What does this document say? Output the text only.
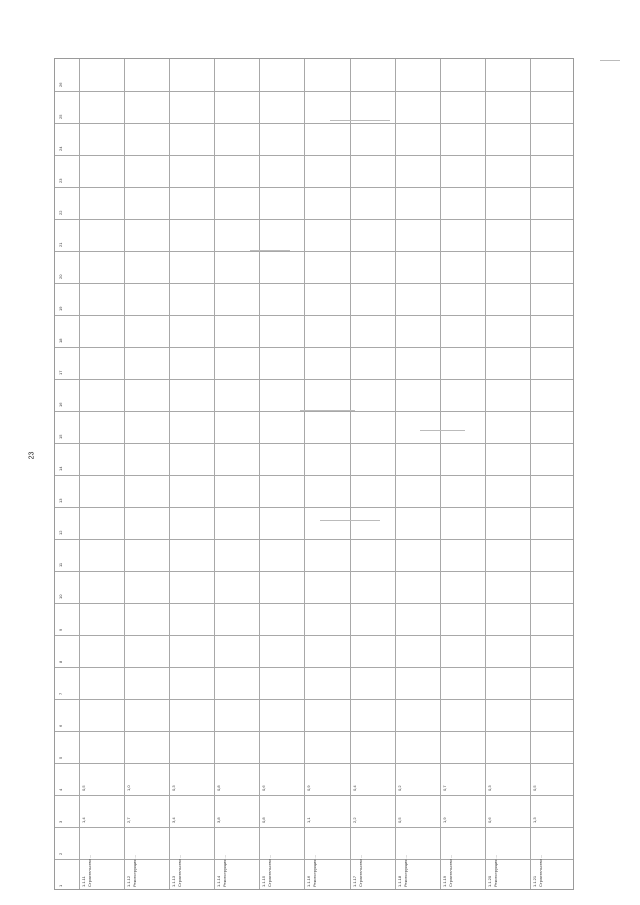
23
1
2
3
4
5
6
7
8
9
10
11
12
13
14
15
16
17
18
19
20
21
22
23
24
25
26
1.1.11 Строительство ...
1,4
0,5
1.1.12 Реконструкция ...
2,7
1,0
1.1.13 Строительство ...
3,4
0,3
1.1.14 Реконструкция ...
3,8
0,8
1.1.15 Строительство ...
0,8
0,6
1.1.16 Реконструкция ...
1,1
0,9
1.1.17 Строительство ...
2,2
0,4
1.1.18 Реконструкция ...
0,5
0,2
1.1.19 Строительство ...
1,9
0,7
1.1.20 Реконструкция ...
0,6
0,3
1.1.21 Строительство ...
1,3
0,5
